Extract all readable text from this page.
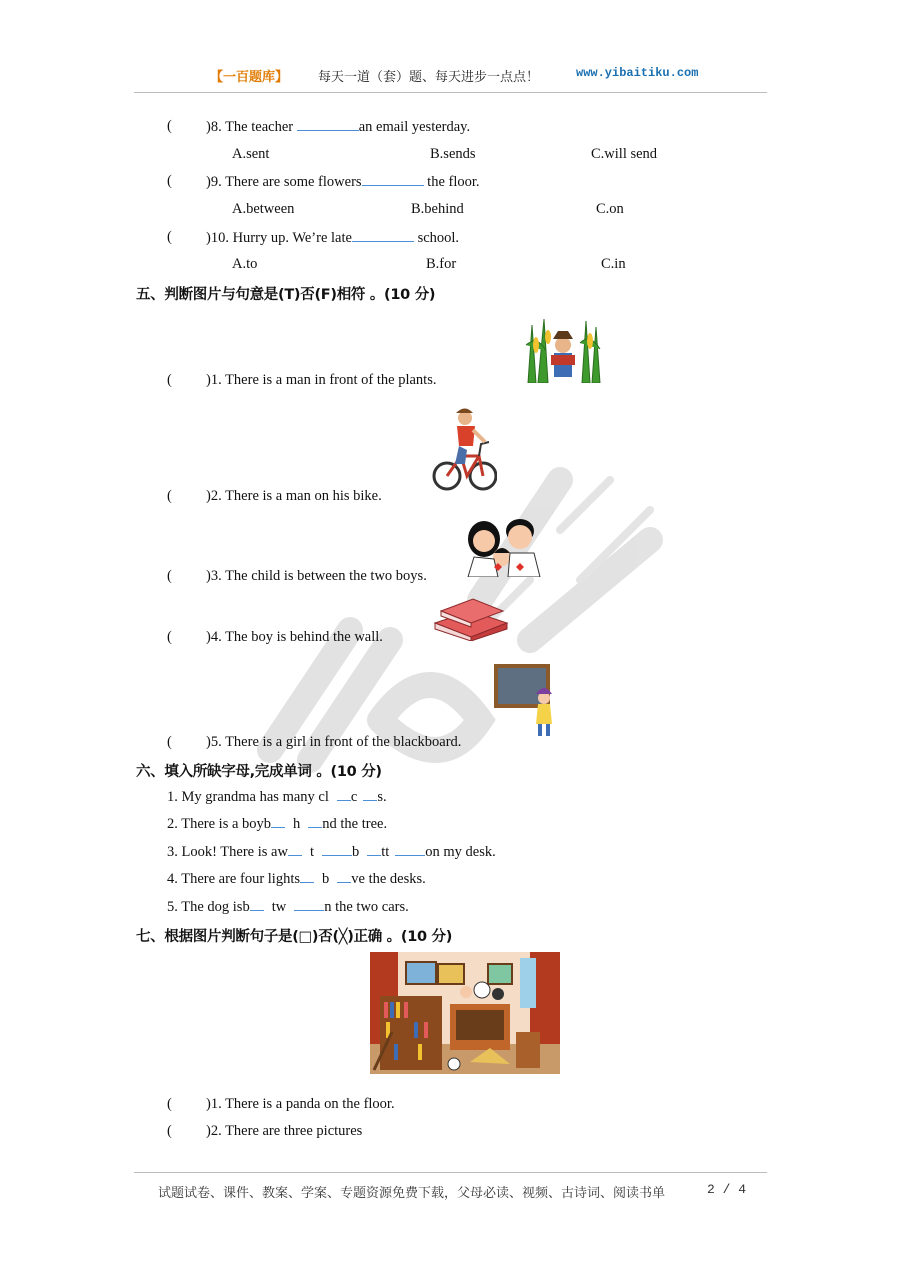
【一百题库】 每天一道（套）题、每天进步一点点！	www.yibaitiku.com
( )8. The teacher	an email yesterday.
A.sent	B.sends	C.will send
( )9. There are some flowers	the floor.
A.between	B.behind	C.on
( )10. Hurry up. We’re late	school.
A.to	B.for	C.in
五、判断图片与句意是(T)否(F)相符 。(10 分)
( )1. There is a man in front of the plants.
( )2. There is a man on his bike.
( )3. The child is between the two boys.
( )4. The boy is behind the wall.
( )5. There is a girl in front of the blackboard.
六、填入所缺字母,完成单词 。(10 分)
1. My grandma has many cl c s.
2. There is a boyb h nd the tree.
3. Look! There is aw t	b tt on my desk.
4. There are four lights b ve the desks.
5. The dog isb tw	n the two cars.
七、根据图片判断句子是(□)否(╳)正确 。(10 分)
( )1. There is a panda on the floor.
( )2. There are three pictures
试题试卷、课件、教案、学案、专题资源免费下载，父母必读、视频、古诗词、阅读书单	2 / 4
